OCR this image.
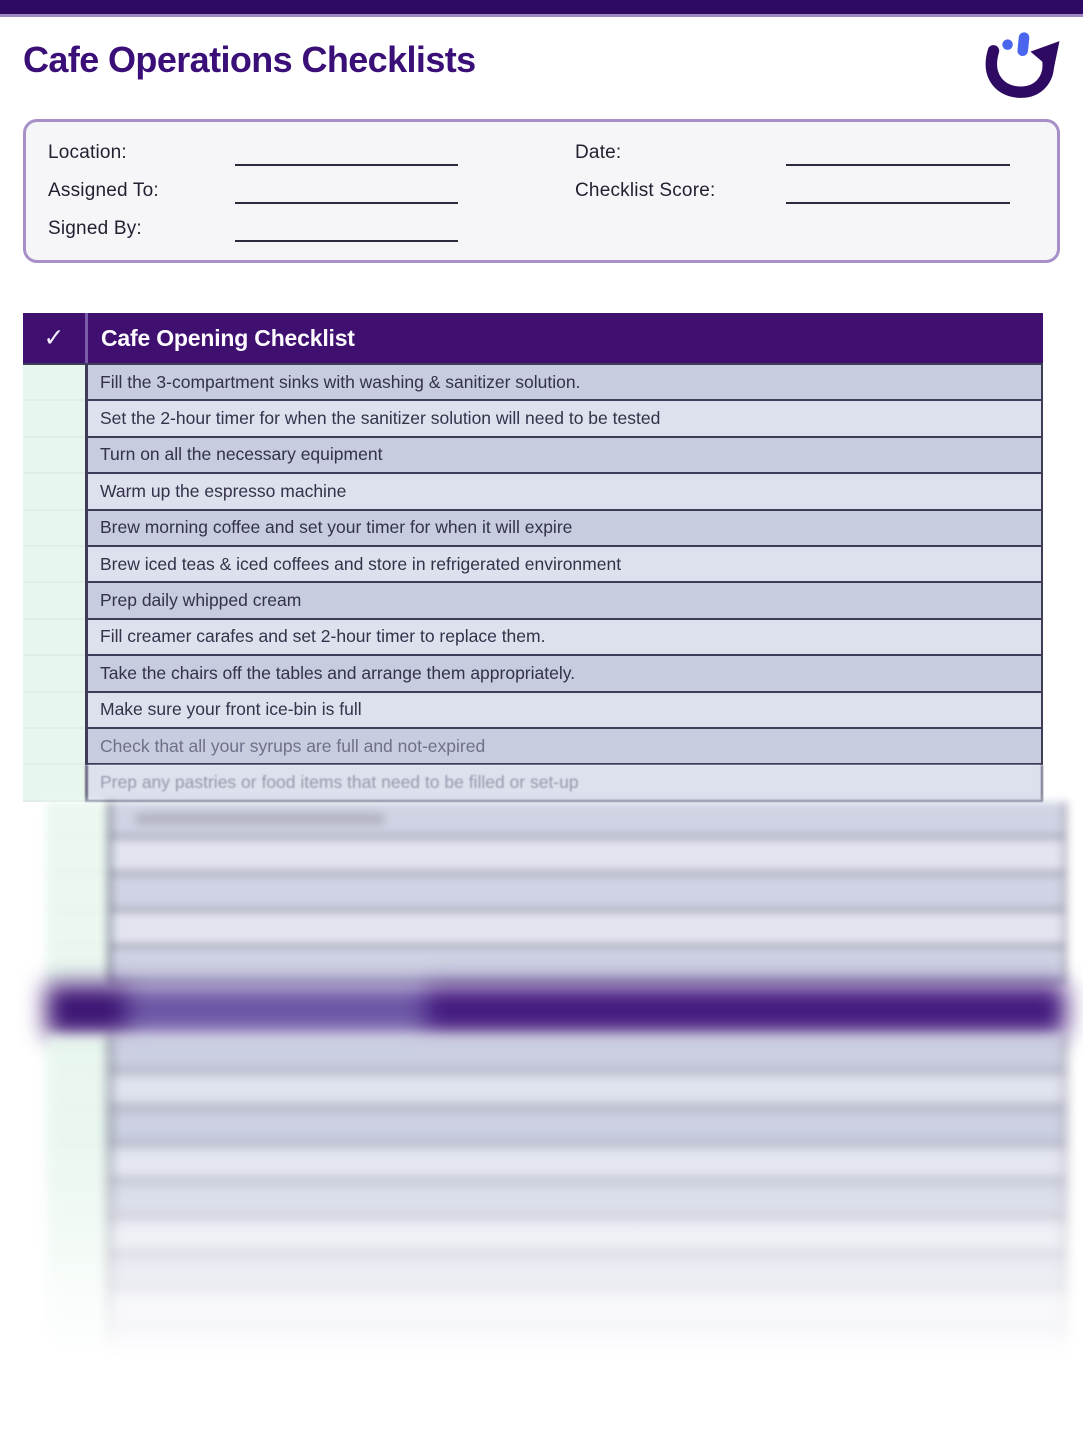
Cafe Operations Checklists
Location:
Assigned To:
Signed By:
Date:
Checklist Score:
✓	Cafe Opening Checklist
Fill the 3-compartment sinks with washing & sanitizer solution.
Set the 2-hour timer for when the sanitizer solution will need to be tested
Turn on all the necessary equipment
Warm up the espresso machine
Brew morning coffee and set your timer for when it will expire
Brew iced teas & iced coffees and store in refrigerated environment
Prep daily whipped cream
Fill creamer carafes and set 2-hour timer to replace them.
Take the chairs off the tables and arrange them appropriately.
Make sure your front ice-bin is full
Check that all your syrups are full and not-expired
Prep any pastries or food items that need to be filled or set-up
